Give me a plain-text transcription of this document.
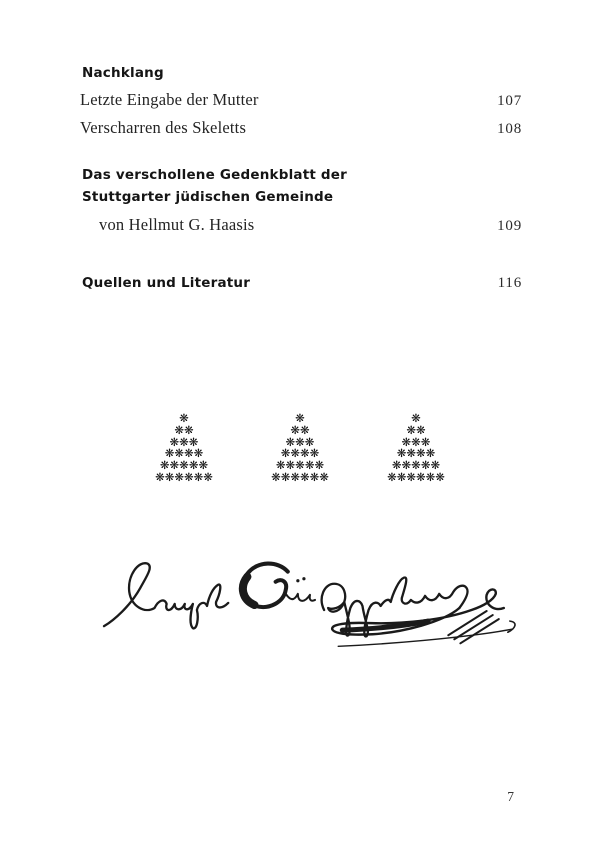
Nachklang
Letzte Eingabe der Mutter	107
Verscharren des Skeletts	108
Das verschollene Gedenkblatt der
Stuttgarter jüdischen Gemeinde
von Hellmut G. Haasis	109
Quellen und Literatur	116
❋
❋❋
❋❋❋
❋❋❋❋
❋❋❋❋❋
❋❋❋❋❋❋
❋
❋❋
❋❋❋
❋❋❋❋
❋❋❋❋❋
❋❋❋❋❋❋
❋
❋❋
❋❋❋
❋❋❋❋
❋❋❋❋❋
❋❋❋❋❋❋
7
